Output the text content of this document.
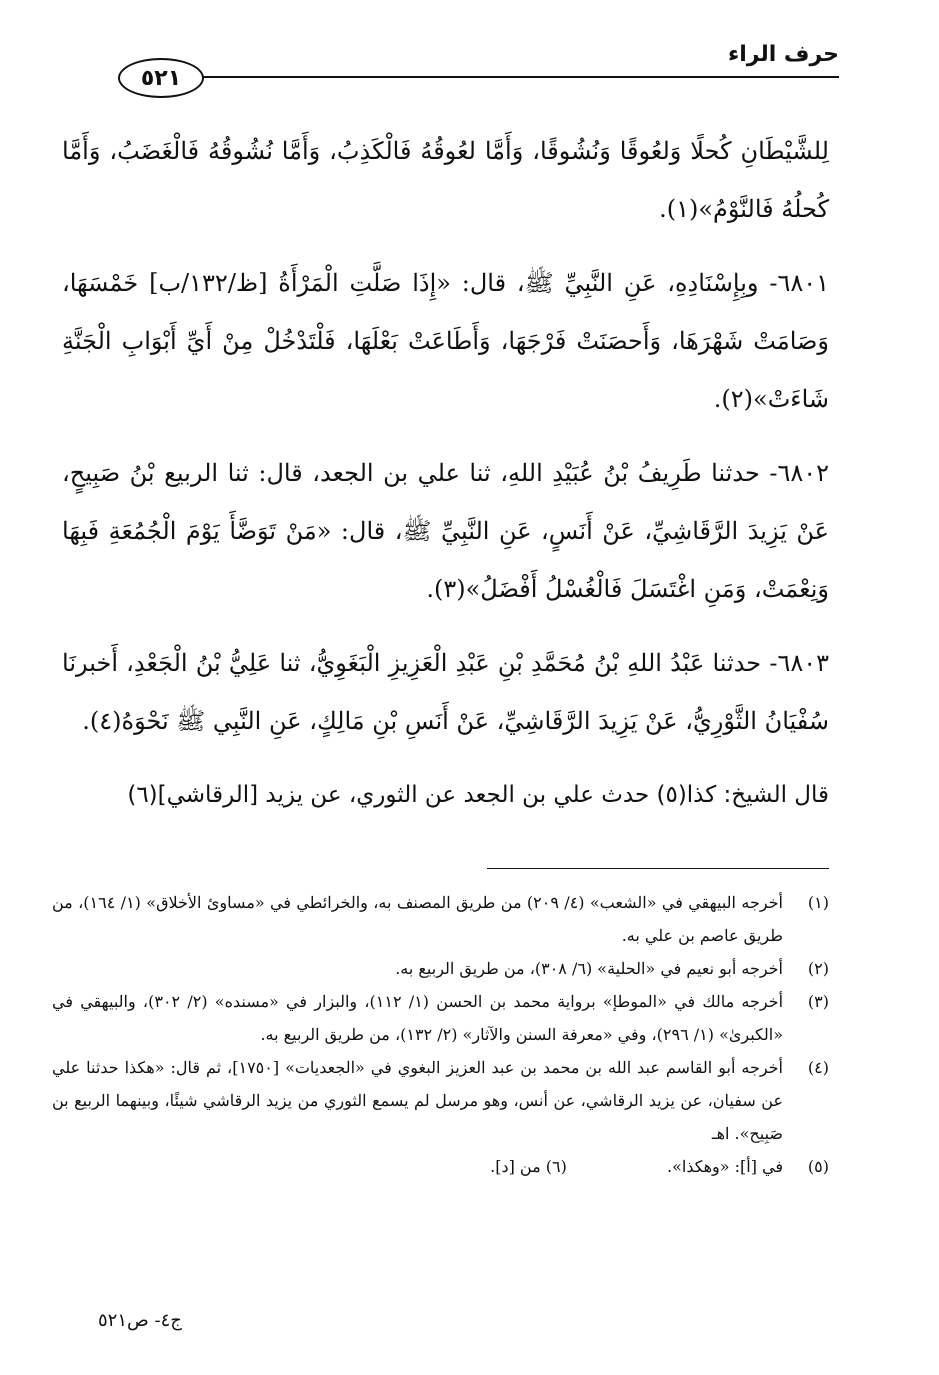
حرف الراء
٥٢١

لِلشَّيْطَانِ كُحلًا وَلعُوقًا وَنُشُوقًا، وَأَمَّا لعُوقُهُ فَالْكَذِبُ، وَأَمَّا نُشُوقُهُ فَالْغَضَبُ، وَأَمَّا كُحلُهُ فَالنَّوْمُ»(١).

٦٨٠١- وبِإِسْنَادِهِ، عَنِ النَّبِيِّ ﷺ، قال: «إِذَا صَلَّتِ الْمَرْأَةُ [ظ/١٣٢/ب] خَمْسَهَا، وَصَامَتْ شَهْرَهَا، وَأَحصَنَتْ فَرْجَهَا، وَأَطَاعَتْ بَعْلَهَا، فَلْتَدْخُلْ مِنْ أَيِّ أَبْوَابِ الْجَنَّةِ شَاءَتْ»(٢).

٦٨٠٢- حدثنا طَرِيفُ بْنُ عُبَيْدِ اللهِ، ثنا علي بن الجعد، قال: ثنا الربيع بْنُ صَبِيحٍ، عَنْ يَزِيدَ الرَّقَاشِيِّ، عَنْ أَنَسٍ، عَنِ النَّبِيِّ ﷺ، قال: «مَنْ تَوَضَّأَ يَوْمَ الْجُمُعَةِ فَبِهَا وَنِعْمَتْ، وَمَنِ اغْتَسَلَ فَالْغُسْلُ أَفْضَلُ»(٣).

٦٨٠٣- حدثنا عَبْدُ اللهِ بْنُ مُحَمَّدِ بْنِ عَبْدِ الْعَزِيزِ الْبَغَوِيُّ، ثنا عَلِيُّ بْنُ الْجَعْدِ، أَخبرنَا سُفْيَانُ الثَّوْرِيُّ، عَنْ يَزِيدَ الرَّقَاشِيِّ، عَنْ أَنَسِ بْنِ مَالِكٍ، عَنِ النَّبِي ﷺ نَحْوَهُ(٤).

قال الشيخ: كذا(٥) حدث علي بن الجعد عن الثوري، عن يزيد [الرقاشي](٦)

(١)
أخرجه البيهقي في «الشعب» (٤/ ٢٠٩) من طريق المصنف به، والخرائطي في «مساوئ الأخلاق» (١/ ١٦٤)، من طريق عاصم بن علي به.
(٢)
أخرجه أبو نعيم في «الحلية» (٦/ ٣٠٨)، من طريق الربيع به.
(٣)
أخرجه مالك في «الموطإ» برواية محمد بن الحسن (١/ ١١٢)، والبزار في «مسنده» (٢/ ٣٠٢)، والبيهقي في «الكبرىٰ» (١/ ٢٩٦)، وفي «معرفة السنن والآثار» (٢/ ١٣٢)، من طريق الربيع به.
(٤)
أخرجه أبو القاسم عبد الله بن محمد بن عبد العزيز البغوي في «الجعديات» [١٧٥٠]، ثم قال: «هكذا حدثنا علي عن سفيان، عن يزيد الرقاشي، عن أنس، وهو مرسل لم يسمع الثوري من يزيد الرقاشي شيئًا، وبينهما الربيع بن صَبِيح». اهـ
(٥)
في [أ]: «وهكذا».  (٦) من [د].
ج٤- ص٥٢١
